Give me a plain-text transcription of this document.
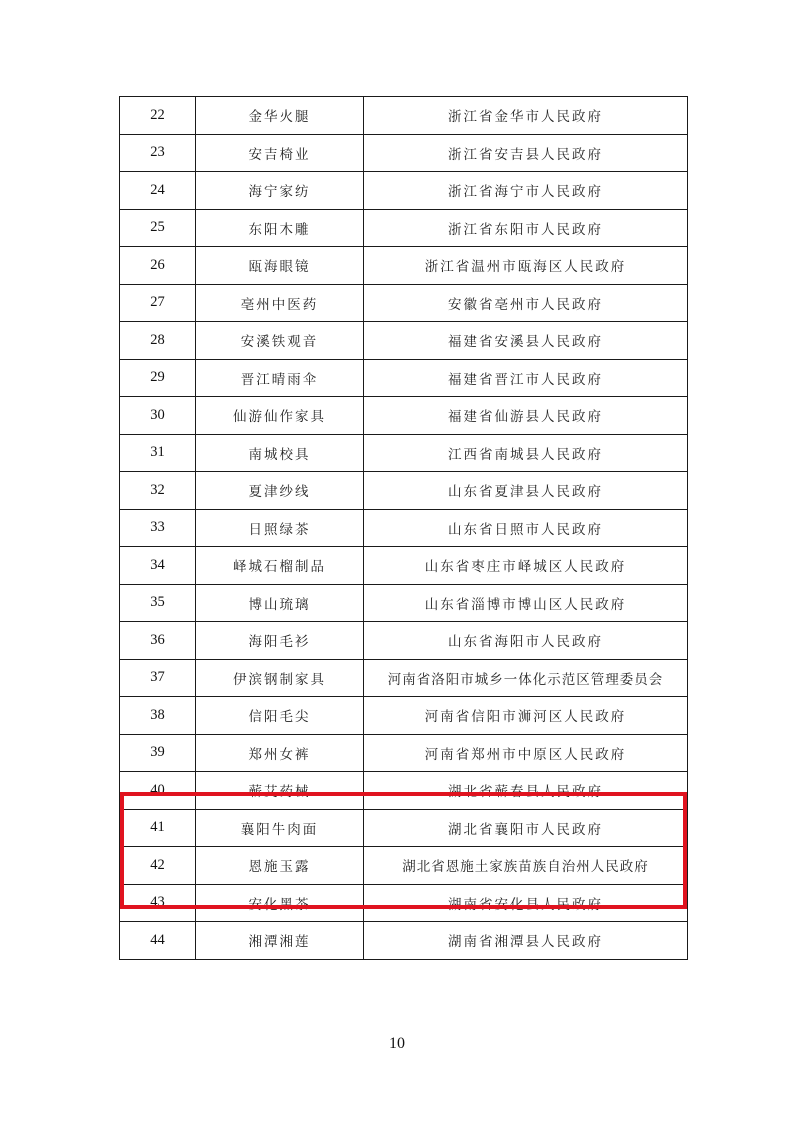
22	金华火腿	浙江省金华市人民政府
23	安吉椅业	浙江省安吉县人民政府
24	海宁家纺	浙江省海宁市人民政府
25	东阳木雕	浙江省东阳市人民政府
26	瓯海眼镜	浙江省温州市瓯海区人民政府
27	亳州中医药	安徽省亳州市人民政府
28	安溪铁观音	福建省安溪县人民政府
29	晋江晴雨伞	福建省晋江市人民政府
30	仙游仙作家具	福建省仙游县人民政府
31	南城校具	江西省南城县人民政府
32	夏津纱线	山东省夏津县人民政府
33	日照绿茶	山东省日照市人民政府
34	峄城石榴制品	山东省枣庄市峄城区人民政府
35	博山琉璃	山东省淄博市博山区人民政府
36	海阳毛衫	山东省海阳市人民政府
37	伊滨钢制家具	河南省洛阳市城乡一体化示范区管理委员会
38	信阳毛尖	河南省信阳市浉河区人民政府
39	郑州女裤	河南省郑州市中原区人民政府
40	蕲艾药械	湖北省蕲春县人民政府
41	襄阳牛肉面	湖北省襄阳市人民政府
42	恩施玉露	湖北省恩施土家族苗族自治州人民政府
43	安化黑茶	湖南省安化县人民政府
44	湘潭湘莲	湖南省湘潭县人民政府
10
